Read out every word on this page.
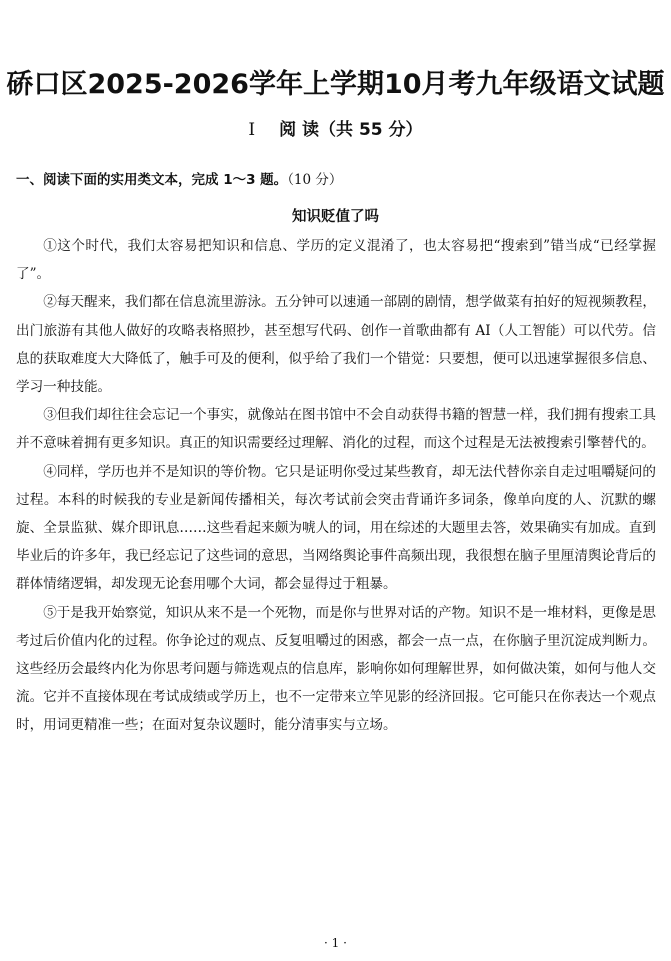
硚口区2025-2026学年上学期10月考九年级语文试题
Ⅰ 阅 读（共 55 分）
一、阅读下面的实用类文本，完成 1～3 题。（10 分）
知识贬值了吗

①这个时代，我们太容易把知识和信息、学历的定义混淆了，也太容易把“搜索到”错当成“已经掌握了”。

②每天醒来，我们都在信息流里游泳。五分钟可以速通一部剧的剧情，想学做菜有拍好的短视频教程，出门旅游有其他人做好的攻略表格照抄，甚至想写代码、创作一首歌曲都有 AI（人工智能）可以代劳。信息的获取难度大大降低了，触手可及的便利，似乎给了我们一个错觉：只要想，便可以迅速掌握很多信息、学习一种技能。

③但我们却往往会忘记一个事实，就像站在图书馆中不会自动获得书籍的智慧一样，我们拥有搜索工具并不意味着拥有更多知识。真正的知识需要经过理解、消化的过程，而这个过程是无法被搜索引擎替代的。

④同样，学历也并不是知识的等价物。它只是证明你受过某些教育，却无法代替你亲自走过咀嚼疑问的过程。本科的时候我的专业是新闻传播相关，每次考试前会突击背诵许多词条，像单向度的人、沉默的螺旋、全景监狱、媒介即讯息……这些看起来颇为唬人的词，用在综述的大题里去答，效果确实有加成。直到毕业后的许多年，我已经忘记了这些词的意思，当网络舆论事件高频出现，我很想在脑子里厘清舆论背后的群体情绪逻辑，却发现无论套用哪个大词，都会显得过于粗暴。

⑤于是我开始察觉，知识从来不是一个死物，而是你与世界对话的产物。知识不是一堆材料，更像是思考过后价值内化的过程。你争论过的观点、反复咀嚼过的困惑，都会一点一点，在你脑子里沉淀成判断力。这些经历会最终内化为你思考问题与筛选观点的信息库，影响你如何理解世界，如何做决策，如何与他人交流。它并不直接体现在考试成绩或学历上，也不一定带来立竿见影的经济回报。它可能只在你表达一个观点时，用词更精准一些；在面对复杂议题时，能分清事实与立场。

· 1 ·
